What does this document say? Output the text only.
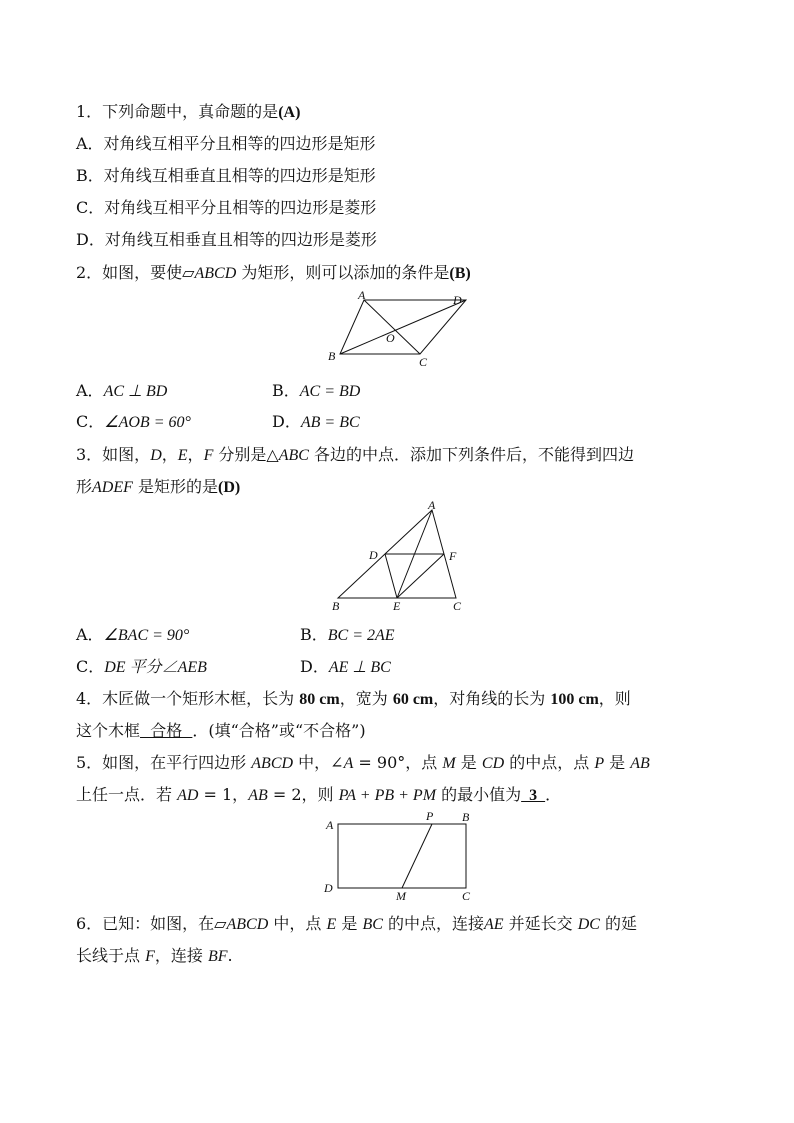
1．下列命题中，真命题的是(A)
A．对角线互相平分且相等的四边形是矩形
B．对角线互相垂直且相等的四边形是矩形
C．对角线互相平分且相等的四边形是菱形
D．对角线互相垂直且相等的四边形是菱形
2．如图，要使▱ABCD 为矩形，则可以添加的条件是(B)
A	D
B	C
O
A．AC ⊥ BD	B．AC = BD
C．∠AOB = 60°	D．AB = BC
3．如图，D，E，F 分别是△ABC 各边的中点．添加下列条件后，不能得到四边
形ADEF 是矩形的是(D)
A
D	F
B	E	C
A．∠BAC = 90°	B．BC = 2AE
C．DE 平分∠AEB	D．AE ⊥ BC
4．木匠做一个矩形木框，长为 80 cm，宽为 60 cm，对角线的长为 100 cm，则
这个木框  合格  ．(填“合格”或“不合格”)
5．如图，在平行四边形 ABCD 中，∠A = 90°，点 M 是 CD 的中点，点 P 是 AB
上任一点．若 AD = 1，AB = 2，则 PA + PB + PM 的最小值为  3  ．
A
P B
D
M	C
6．已知：如图，在▱ABCD 中，点 E 是 BC 的中点，连接AE 并延长交 DC 的延
长线于点 F，连接 BF.
